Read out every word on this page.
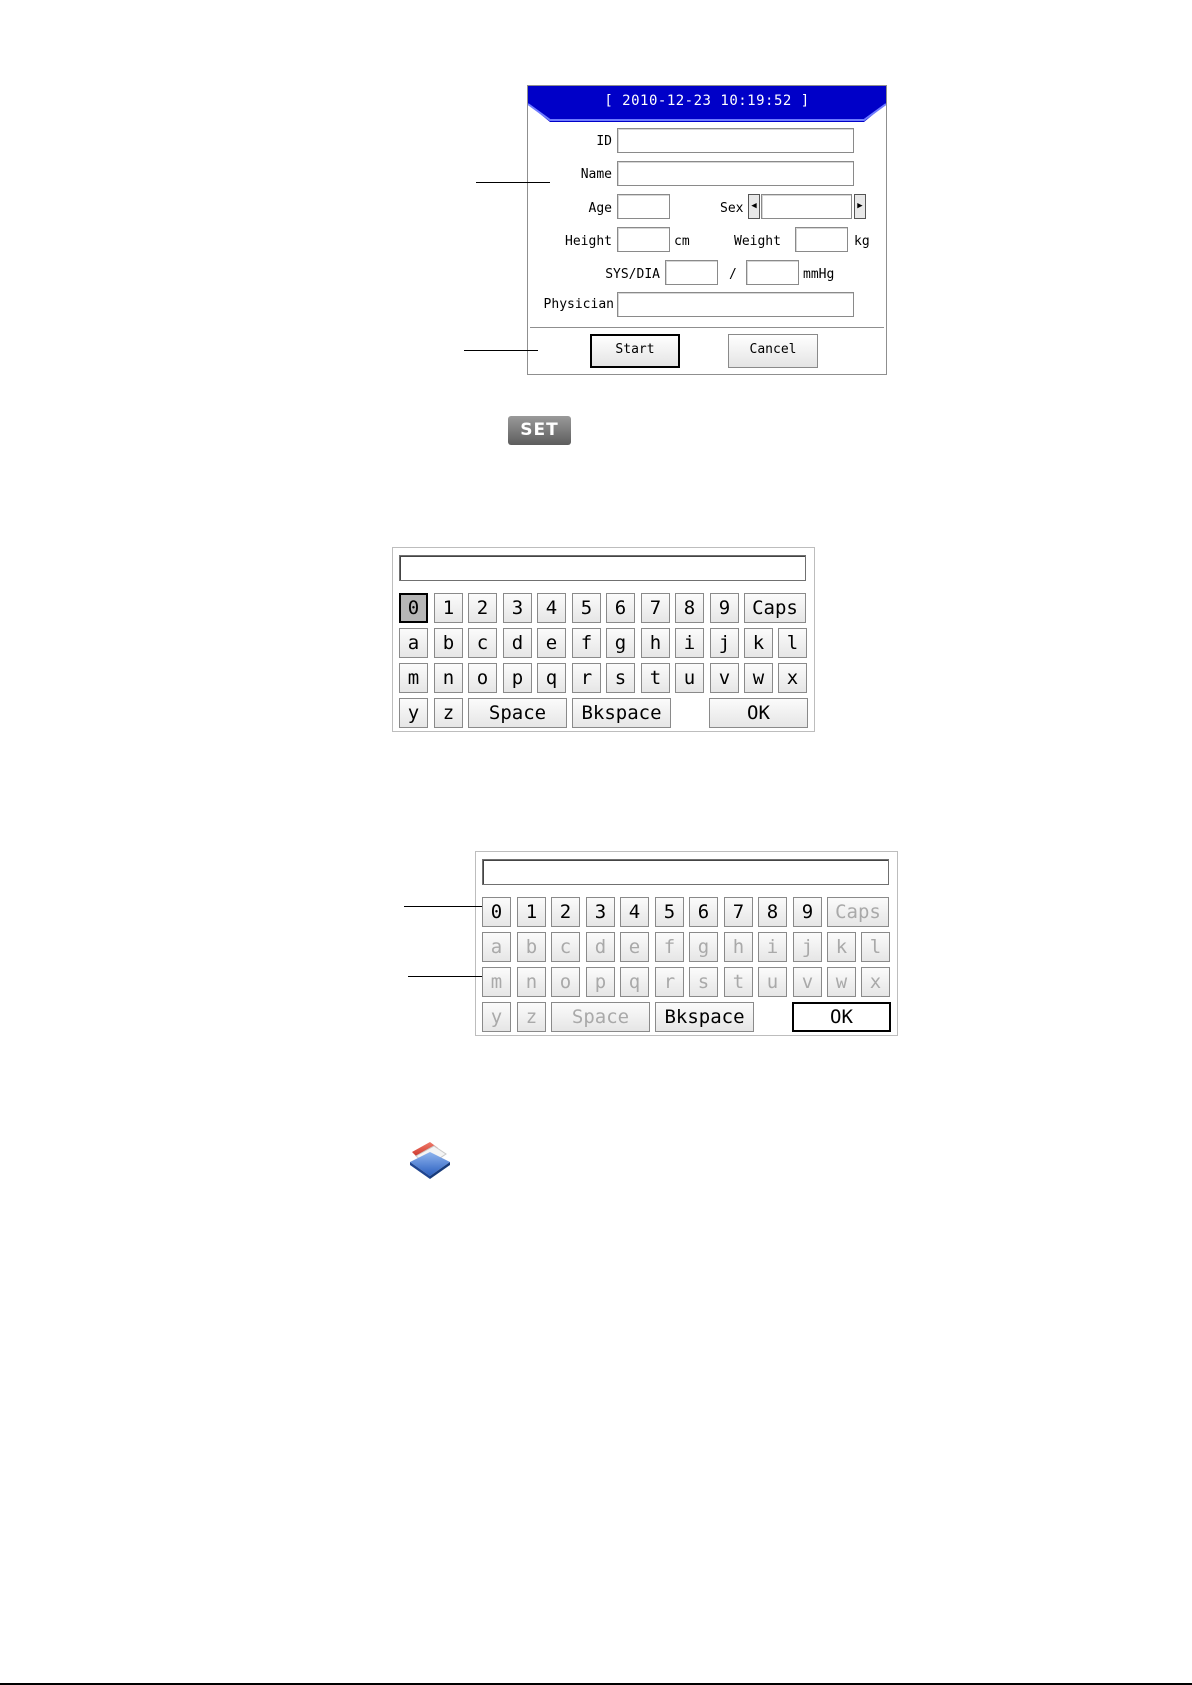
[ 2010-12-23 10:19:52 ]
ID
Name
Age	Sex ◀	▶
Height	cm	Weight	kg
SYS/DIA	/	mmHg
Physician
Start	Cancel
SET
0	1	2	3	4	5	6	7	8	9	Caps
a	b	c	d	e	f	g	h	i	j	k	l
m	n	o	p	q	r	s	t	u	v	w	x
y	z	Space	Bkspace	OK
0	1	2	3	4	5	6	7	8	9	Caps
a	b	c	d	e	f	g	h	i	j	k	l
m	n	o	p	q	r	s	t	u	v	w	x
y	z	Space	Bkspace	OK
